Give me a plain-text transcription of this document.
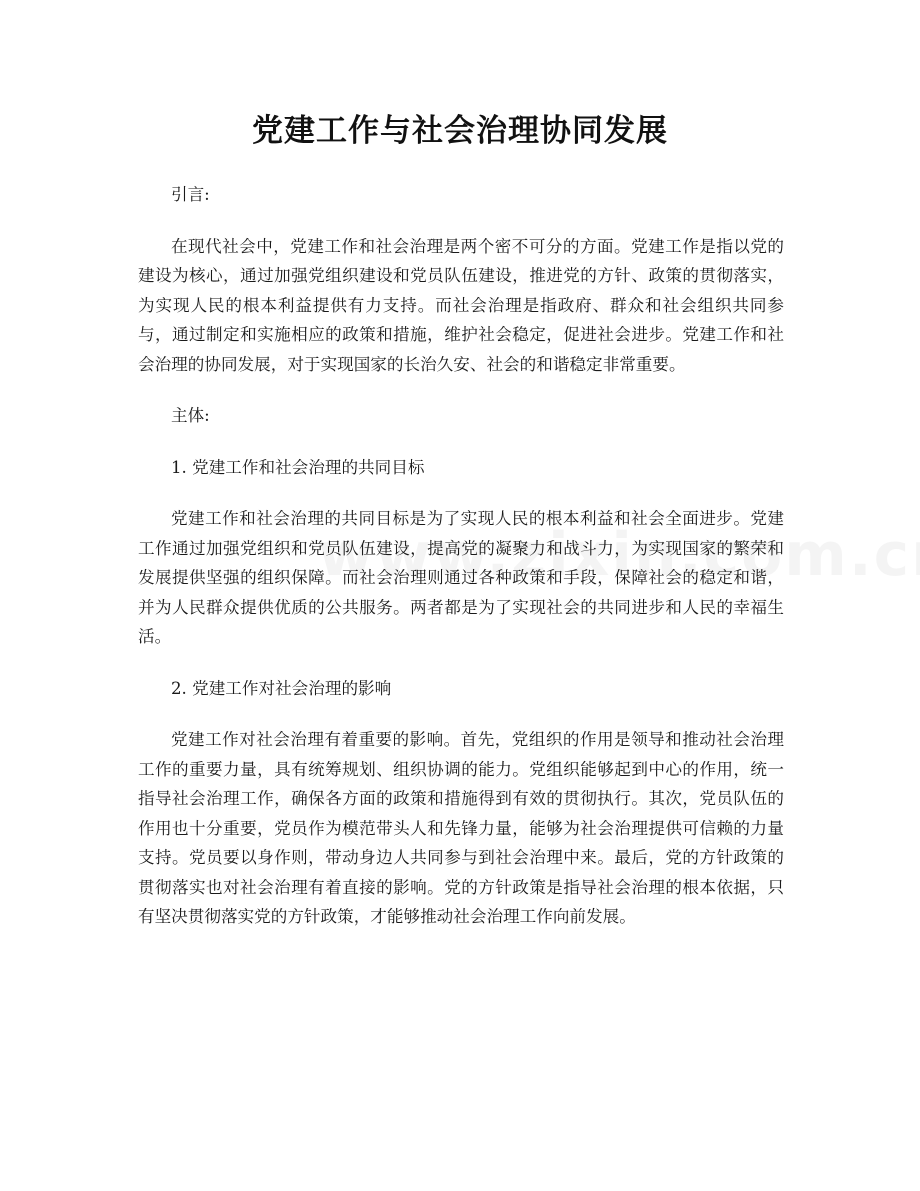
党建工作与社会治理协同发展

引言:

在现代社会中，党建工作和社会治理是两个密不可分的方面。党建工作是指以党的建设为核心，通过加强党组织建设和党员队伍建设，推进党的方针、政策的贯彻落实，为实现人民的根本利益提供有力支持。而社会治理是指政府、群众和社会组织共同参与，通过制定和实施相应的政策和措施，维护社会稳定，促进社会进步。党建工作和社会治理的协同发展，对于实现国家的长治久安、社会的和谐稳定非常重要。

主体:

1. 党建工作和社会治理的共同目标

党建工作和社会治理的共同目标是为了实现人民的根本利益和社会全面进步。党建工作通过加强党组织和党员队伍建设，提高党的凝聚力和战斗力，为实现国家的繁荣和发展提供坚强的组织保障。而社会治理则通过各种政策和手段，保障社会的稳定和谐，并为人民群众提供优质的公共服务。两者都是为了实现社会的共同进步和人民的幸福生活。

2. 党建工作对社会治理的影响

党建工作对社会治理有着重要的影响。首先，党组织的作用是领导和推动社会治理工作的重要力量，具有统筹规划、组织协调的能力。党组织能够起到中心的作用，统一指导社会治理工作，确保各方面的政策和措施得到有效的贯彻执行。其次，党员队伍的作用也十分重要，党员作为模范带头人和先锋力量，能够为社会治理提供可信赖的力量支持。党员要以身作则，带动身边人共同参与到社会治理中来。最后，党的方针政策的贯彻落实也对社会治理有着直接的影响。党的方针政策是指导社会治理的根本依据，只有坚决贯彻落实党的方针政策，才能够推动社会治理工作向前发展。
